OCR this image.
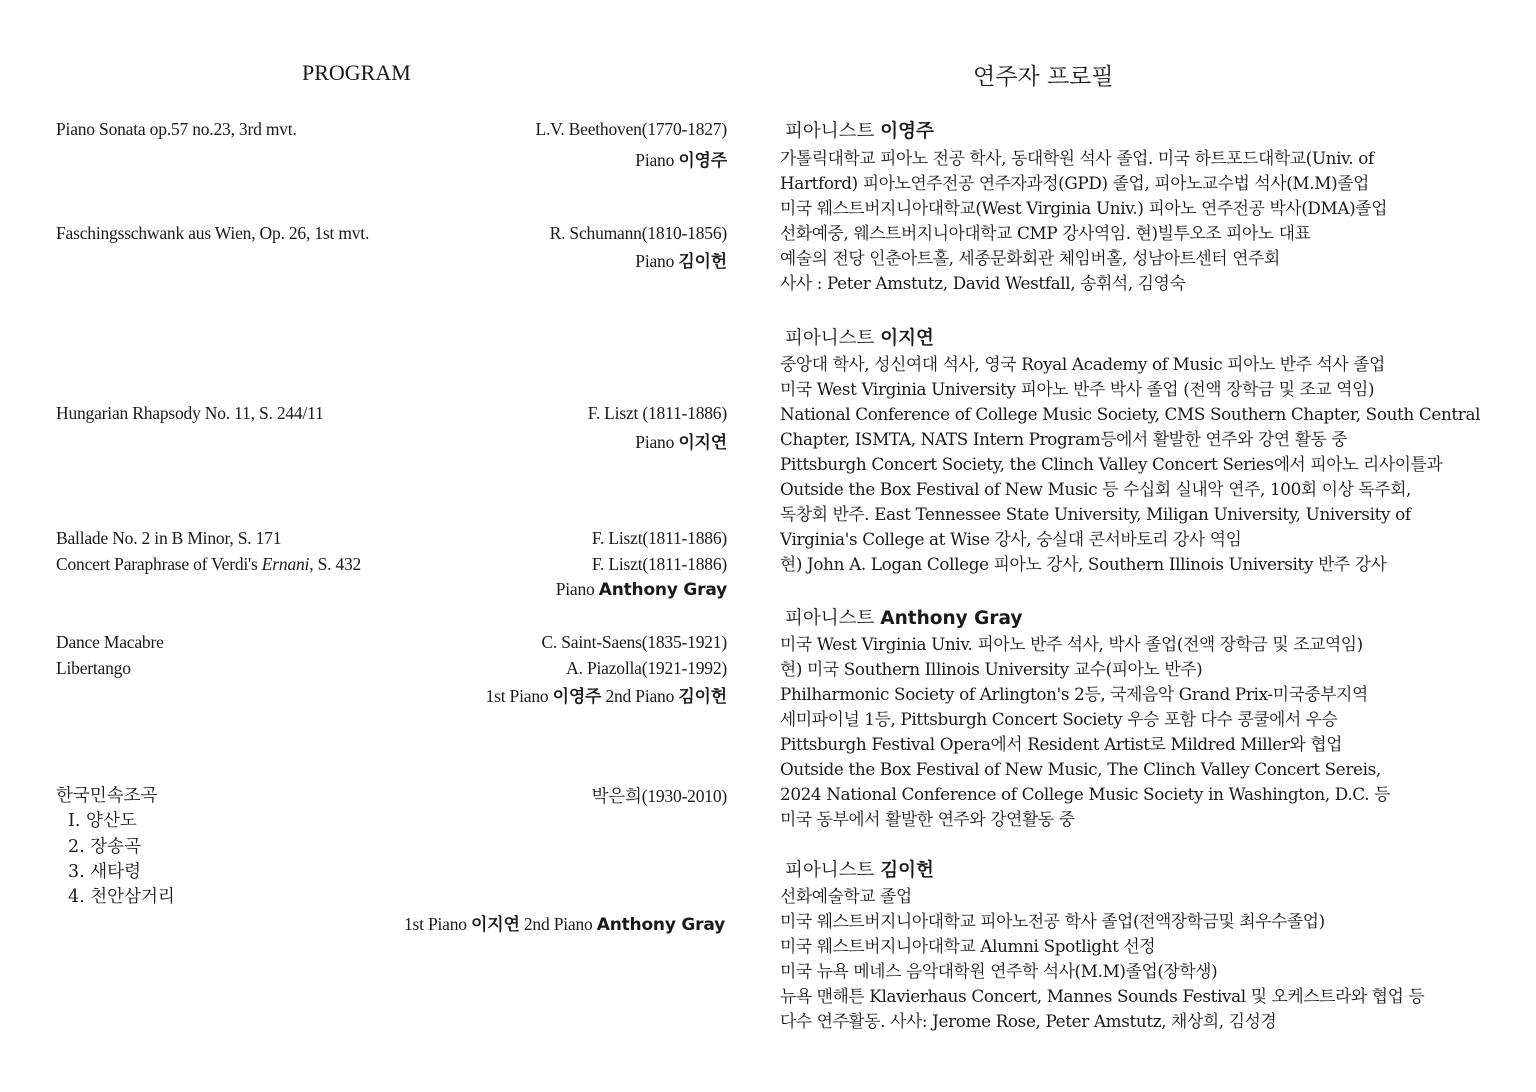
PROGRAM
Piano Sonata op.57 no.23, 3rd mvt.	L.V. Beethoven(1770-1827)
Piano 이영주
Faschingsschwank aus Wien, Op. 26, 1st mvt.	R. Schumann(1810-1856)
Piano 김이헌
Hungarian Rhapsody No. 11, S. 244/11	F. Liszt (1811-1886)
Piano 이지연
Ballade No. 2 in B Minor, S. 171	F. Liszt(1811-1886)
Concert Paraphrase of Verdi's Ernani, S. 432	F. Liszt(1811-1886)
Piano Anthony Gray
Dance Macabre	C. Saint-Saens(1835-1921)
Libertango	A. Piazolla(1921-1992)
1st Piano 이영주 2nd Piano 김이헌
한국민속조곡	박은희(1930-2010)
I. 양산도
2. 장송곡
3. 새타령
4. 천안삼거리
1st Piano 이지연 2nd Piano Anthony Gray
연주자 프로필
피아니스트 이영주
가톨릭대학교 피아노 전공 학사, 동대학원 석사 졸업. 미국 하트포드대학교(Univ. of
Hartford) 피아노연주전공 연주자과정(GPD) 졸업, 피아노교수법 석사(M.M)졸업
미국 웨스트버지니아대학교(West Virginia Univ.) 피아노 연주전공 박사(DMA)졸업
선화예중, 웨스트버지니아대학교 CMP 강사역임. 현)빌투오조 피아노 대표
예술의 전당 인춘아트홀, 세종문화회관 체임버홀, 성남아트센터 연주회
사사 : Peter Amstutz, David Westfall, 송휘석, 김영숙
피아니스트 이지연
중앙대 학사, 성신여대 석사, 영국 Royal Academy of Music 피아노 반주 석사 졸업
미국 West Virginia University 피아노 반주 박사 졸업 (전액 장학금 및 조교 역임)
National Conference of College Music Society, CMS Southern Chapter, South Central
Chapter, ISMTA, NATS Intern Program등에서 활발한 연주와 강연 활동 중
Pittsburgh Concert Society, the Clinch Valley Concert Series에서 피아노 리사이틀과
Outside the Box Festival of New Music 등 수십회 실내악 연주, 100회 이상 독주회,
독창회 반주. East Tennessee State University, Miligan University, University of
Virginia's College at Wise 강사, 숭실대 콘서바토리 강사 역임
현) John A. Logan College 피아노 강사, Southern Illinois University 반주 강사
피아니스트 Anthony Gray
미국 West Virginia Univ. 피아노 반주 석사, 박사 졸업(전액 장학금 및 조교역임)
현) 미국 Southern Illinois University 교수(피아노 반주)
Philharmonic Society of Arlington's 2등, 국제음악 Grand Prix-미국중부지역
세미파이널 1등, Pittsburgh Concert Society 우승 포함 다수 콩쿨에서 우승
Pittsburgh Festival Opera에서 Resident Artist로 Mildred Miller와 협업
Outside the Box Festival of New Music, The Clinch Valley Concert Sereis,
2024 National Conference of College Music Society in Washington, D.C. 등
미국 동부에서 활발한 연주와 강연활동 중
피아니스트 김이헌
선화예술학교 졸업
미국 웨스트버지니아대학교 피아노전공 학사 졸업(전액장학금및 최우수졸업)
미국 웨스트버지니아대학교 Alumni Spotlight 선정
미국 뉴욕 메네스 음악대학원 연주학 석사(M.M)졸업(장학생)
뉴욕 맨해튼 Klavierhaus Concert, Mannes Sounds Festival 및 오케스트라와 협업 등
다수 연주활동. 사사: Jerome Rose, Peter Amstutz, 채상희, 김성경
